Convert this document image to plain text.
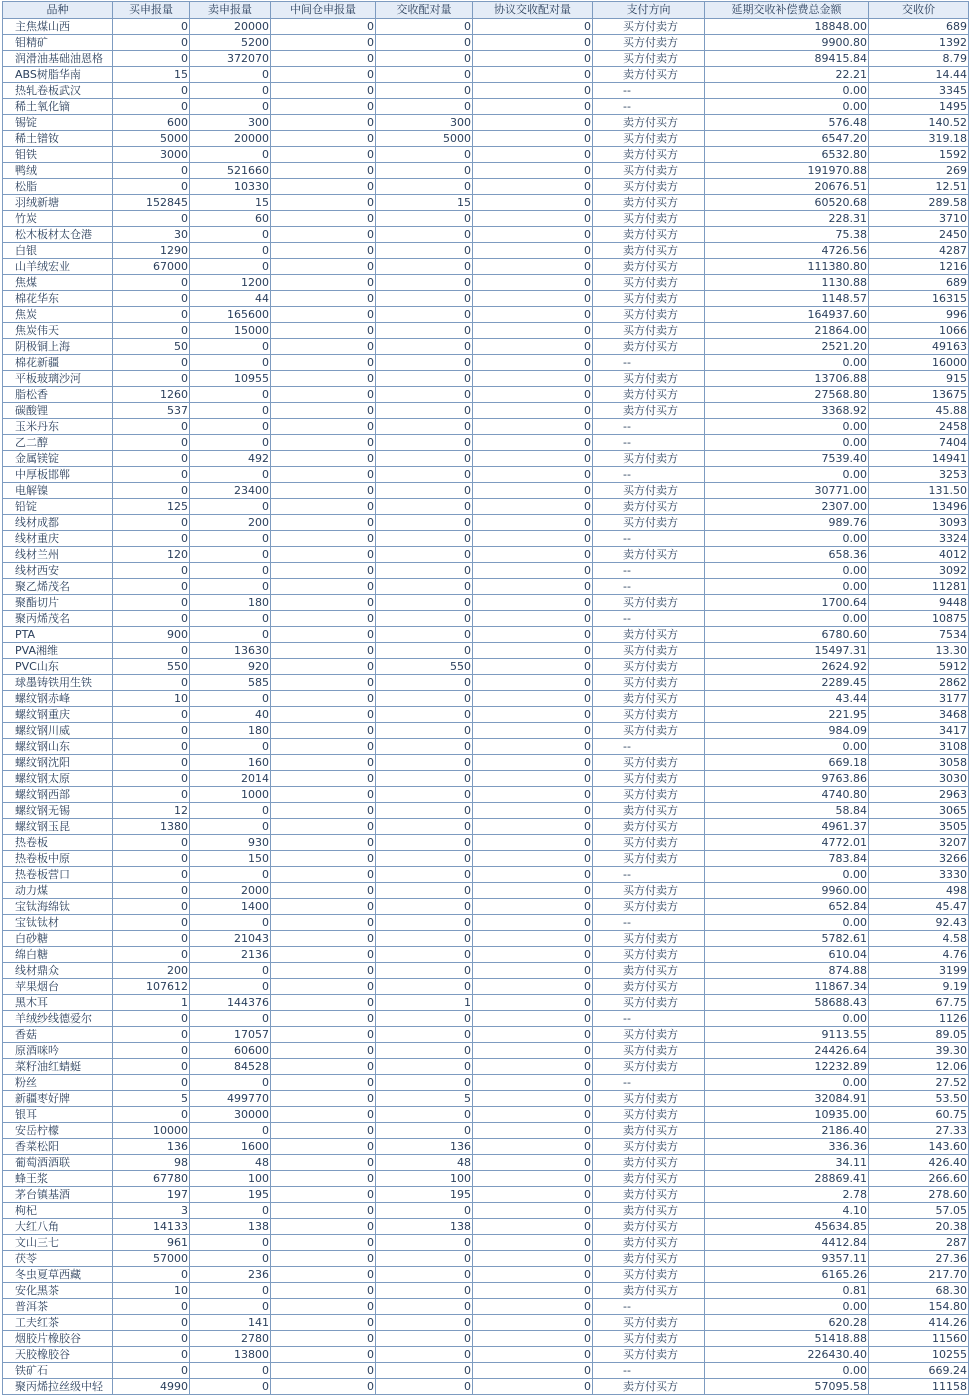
品种	买申报量	卖申报量	中间仓申报量	交收配对量	协议交收配对量	支付方向	延期交收补偿费总金额	交收价
主焦煤山西	0	20000	0	0	0	买方付卖方	18848.00	689
钼精矿	0	5200	0	0	0	买方付卖方	9900.80	1392
润滑油基础油恩格	0	372070	0	0	0	买方付卖方	89415.84	8.79
ABS树脂华南	15	0	0	0	0	卖方付买方	22.21	14.44
热轧卷板武汉	0	0	0	0	0	--	0.00	3345
稀土氧化镝	0	0	0	0	0	--	0.00	1495
锡锭	600	300	0	300	0	卖方付买方	576.48	140.52
稀土镨钕	5000	20000	0	5000	0	买方付卖方	6547.20	319.18
钼铁	3000	0	0	0	0	卖方付买方	6532.80	1592
鸭绒	0	521660	0	0	0	买方付卖方	191970.88	269
松脂	0	10330	0	0	0	买方付卖方	20676.51	12.51
羽绒新塘	152845	15	0	15	0	卖方付买方	60520.68	289.58
竹炭	0	60	0	0	0	买方付卖方	228.31	3710
松木板材太仓港	30	0	0	0	0	卖方付买方	75.38	2450
白银	1290	0	0	0	0	卖方付买方	4726.56	4287
山羊绒宏业	67000	0	0	0	0	卖方付买方	111380.80	1216
焦煤	0	1200	0	0	0	买方付卖方	1130.88	689
棉花华东	0	44	0	0	0	买方付卖方	1148.57	16315
焦炭	0	165600	0	0	0	买方付卖方	164937.60	996
焦炭伟天	0	15000	0	0	0	买方付卖方	21864.00	1066
阴极铜上海	50	0	0	0	0	卖方付买方	2521.20	49163
棉花新疆	0	0	0	0	0	--	0.00	16000
平板玻璃沙河	0	10955	0	0	0	买方付卖方	13706.88	915
脂松香	1260	0	0	0	0	卖方付买方	27568.80	13675
碳酸锂	537	0	0	0	0	卖方付买方	3368.92	45.88
玉米丹东	0	0	0	0	0	--	0.00	2458
乙二醇	0	0	0	0	0	--	0.00	7404
金属镁锭	0	492	0	0	0	买方付卖方	7539.40	14941
中厚板邯郸	0	0	0	0	0	--	0.00	3253
电解镍	0	23400	0	0	0	买方付卖方	30771.00	131.50
铅锭	125	0	0	0	0	卖方付买方	2307.00	13496
线材成都	0	200	0	0	0	买方付卖方	989.76	3093
线材重庆	0	0	0	0	0	--	0.00	3324
线材兰州	120	0	0	0	0	卖方付买方	658.36	4012
线材西安	0	0	0	0	0	--	0.00	3092
聚乙烯茂名	0	0	0	0	0	--	0.00	11281
聚酯切片	0	180	0	0	0	买方付卖方	1700.64	9448
聚丙烯茂名	0	0	0	0	0	--	0.00	10875
PTA	900	0	0	0	0	卖方付买方	6780.60	7534
PVA湘维	0	13630	0	0	0	买方付卖方	15497.31	13.30
PVC山东	550	920	0	550	0	买方付卖方	2624.92	5912
球墨铸铁用生铁	0	585	0	0	0	买方付卖方	2289.45	2862
螺纹钢赤峰	10	0	0	0	0	卖方付买方	43.44	3177
螺纹钢重庆	0	40	0	0	0	买方付卖方	221.95	3468
螺纹钢川威	0	180	0	0	0	买方付卖方	984.09	3417
螺纹钢山东	0	0	0	0	0	--	0.00	3108
螺纹钢沈阳	0	160	0	0	0	买方付卖方	669.18	3058
螺纹钢太原	0	2014	0	0	0	买方付卖方	9763.86	3030
螺纹钢西部	0	1000	0	0	0	买方付卖方	4740.80	2963
螺纹钢无锡	12	0	0	0	0	卖方付买方	58.84	3065
螺纹钢玉昆	1380	0	0	0	0	卖方付买方	4961.37	3505
热卷板	0	930	0	0	0	买方付卖方	4772.01	3207
热卷板中原	0	150	0	0	0	买方付卖方	783.84	3266
热卷板营口	0	0	0	0	0	--	0.00	3330
动力煤	0	2000	0	0	0	买方付卖方	9960.00	498
宝钛海绵钛	0	1400	0	0	0	买方付卖方	652.84	45.47
宝钛钛材	0	0	0	0	0	--	0.00	92.43
白砂糖	0	21043	0	0	0	买方付卖方	5782.61	4.58
绵白糖	0	2136	0	0	0	买方付卖方	610.04	4.76
线材鼎众	200	0	0	0	0	卖方付买方	874.88	3199
苹果烟台	107612	0	0	0	0	卖方付买方	11867.34	9.19
黑木耳	1	144376	0	1	0	买方付卖方	58688.43	67.75
羊绒纱线德爱尔	0	0	0	0	0	--	0.00	1126
香菇	0	17057	0	0	0	买方付卖方	9113.55	89.05
原酒咪吟	0	60600	0	0	0	买方付卖方	24426.64	39.30
菜籽油红蜻蜓	0	84528	0	0	0	买方付卖方	12232.89	12.06
粉丝	0	0	0	0	0	--	0.00	27.52
新疆枣好牌	5	499770	0	5	0	买方付卖方	32084.91	53.50
银耳	0	30000	0	0	0	买方付卖方	10935.00	60.75
安岳柠檬	10000	0	0	0	0	卖方付买方	2186.40	27.33
香菜松阳	136	1600	0	136	0	买方付卖方	336.36	143.60
葡萄酒酒联	98	48	0	48	0	卖方付买方	34.11	426.40
蜂王浆	67780	100	0	100	0	卖方付买方	28869.41	266.60
茅台镇基酒	197	195	0	195	0	卖方付买方	2.78	278.60
枸杞	3	0	0	0	0	卖方付买方	4.10	57.05
大红八角	14133	138	0	138	0	卖方付买方	45634.85	20.38
文山三七	961	0	0	0	0	卖方付买方	4412.84	287
茯苓	57000	0	0	0	0	卖方付买方	9357.11	27.36
冬虫夏草西藏	0	236	0	0	0	买方付卖方	6165.26	217.70
安化黑茶	10	0	0	0	0	卖方付买方	0.81	68.30
普洱茶	0	0	0	0	0	--	0.00	154.80
工夫红茶	0	141	0	0	0	买方付卖方	620.28	414.26
烟胶片橡胶谷	0	2780	0	0	0	买方付卖方	51418.88	11560
天胶橡胶谷	0	13800	0	0	0	买方付卖方	226430.40	10255
铁矿石	0	0	0	0	0	--	0.00	669.24
聚丙烯拉丝级中轻	4990	0	0	0	0	卖方付买方	57095.58	11158
